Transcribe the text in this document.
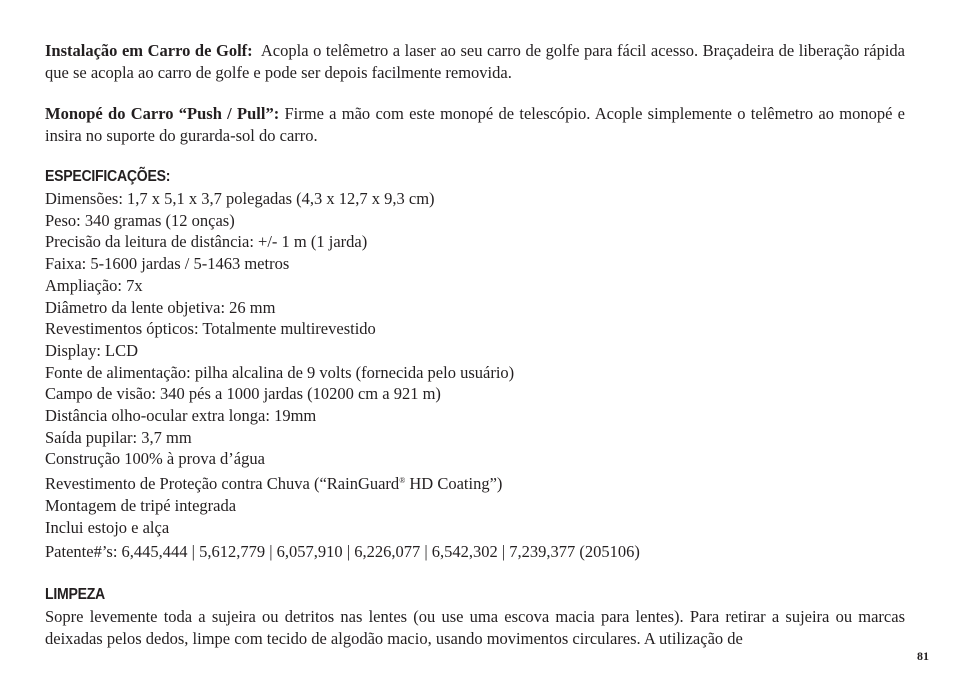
Instalação em Carro de Golf: Acopla o telêmetro a laser ao seu carro de golfe para fácil acesso. Braçadeira de liberação rápida que se acopla ao carro de golfe e pode ser depois facilmente removida.

Monopé do Carro “Push / Pull”: Firme a mão com este monopé de telescópio. Acople simplemente o telêmetro ao monopé e insira no suporte do gurarda-sol do carro.

ESPECIFICAÇÕES:

Dimensões: 1,7 x 5,1 x 3,7 polegadas (4,3 x 12,7 x 9,3 cm)
Peso: 340 gramas (12 onças)
Precisão da leitura de distância: +/- 1 m (1 jarda)
Faixa: 5-1600 jardas / 5-1463 metros
Ampliação: 7x
Diâmetro da lente objetiva: 26 mm
Revestimentos ópticos: Totalmente multirevestido
Display: LCD
Fonte de alimentação: pilha alcalina de 9 volts (fornecida pelo usuário)
Campo de visão: 340 pés a 1000 jardas (10200 cm a 921 m)
Distância olho-ocular extra longa: 19mm
Saída pupilar: 3,7 mm
Construção 100% à prova d’água
Revestimento de Proteção contra Chuva (“RainGuard® HD Coating”)
Montagem de tripé integrada
Inclui estojo e alça
Patente#’s: 6,445,444 | 5,612,779 | 6,057,910 | 6,226,077 | 6,542,302 | 7,239,377 (205106)

LIMPEZA

Sopre levemente toda a sujeira ou detritos nas lentes (ou use uma escova macia para lentes). Para retirar a sujeira ou marcas deixadas pelos dedos, limpe com tecido de algodão macio, usando movimentos circulares. A utilização de

81
